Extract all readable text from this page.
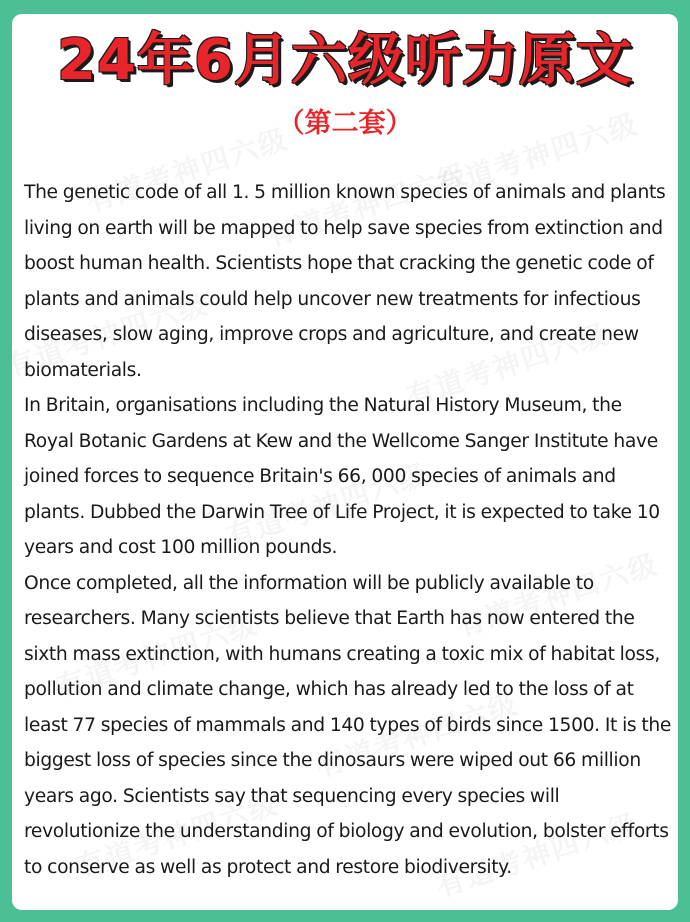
24年6月六级听力原文
（第二套）

The genetic code of all 1. 5 million known species of animals and plants living on earth will be mapped to help save species from extinction and boost human health. Scientists hope that cracking the genetic code of plants and animals could help uncover new treatments for infectious diseases, slow aging, improve crops and agriculture, and create new biomaterials.

In Britain, organisations including the Natural History Museum, the Royal Botanic Gardens at Kew and the Wellcome Sanger Institute have joined forces to sequence Britain's 66, 000 species of animals and plants. Dubbed the Darwin Tree of Life Project, it is expected to take 10 years and cost 100 million pounds.

Once completed, all the information will be publicly available to researchers. Many scientists believe that Earth has now entered the sixth mass extinction, with humans creating a toxic mix of habitat loss, pollution and climate change, which has already led to the loss of at least 77 species of mammals and 140 types of birds since 1500. It is the biggest loss of species since the dinosaurs were wiped out 66 million years ago. Scientists say that sequencing every species will revolutionize the understanding of biology and evolution, bolster efforts to conserve as well as protect and restore biodiversity.
